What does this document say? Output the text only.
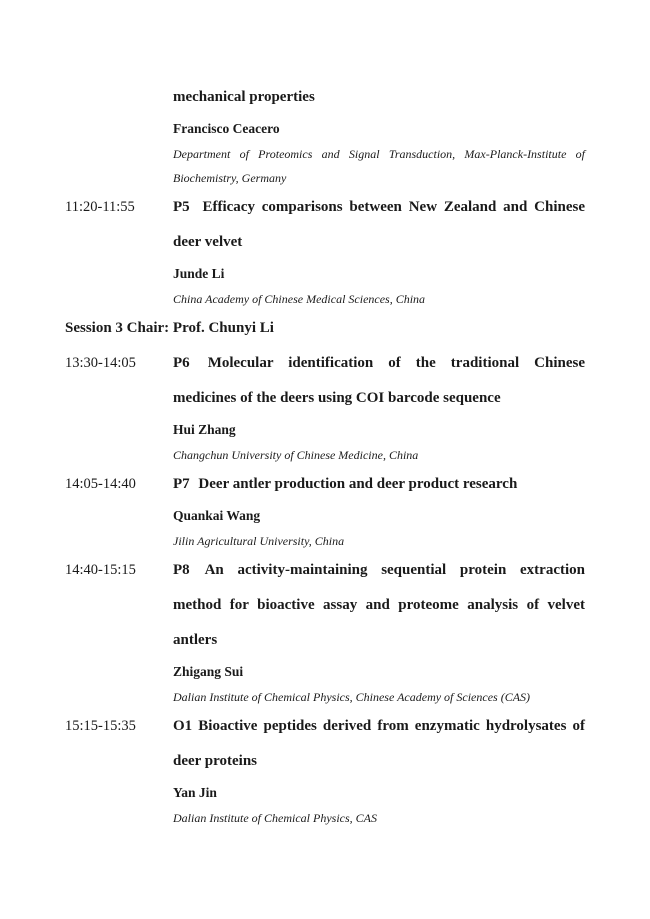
mechanical properties
Francisco Ceacero
Department of Proteomics and Signal Transduction, Max-Planck-Institute of
Biochemistry, Germany
11:20-11:55	P5 Efficacy comparisons between New Zealand and Chinese
deer velvet
Junde Li
China Academy of Chinese Medical Sciences, China
Session 3 Chair: Prof. Chunyi Li
13:30-14:05	P6 Molecular identification of the traditional Chinese
medicines of the deers using COI barcode sequence
Hui Zhang
Changchun University of Chinese Medicine, China
14:05-14:40	P7 Deer antler production and deer product research
Quankai Wang
Jilin Agricultural University, China
14:40-15:15	P8 An activity-maintaining sequential protein extraction
method for bioactive assay and proteome analysis of velvet
antlers
Zhigang Sui
Dalian Institute of Chemical Physics, Chinese Academy of Sciences (CAS)
15:15-15:35	O1 Bioactive peptides derived from enzymatic hydrolysates of
deer proteins
Yan Jin
Dalian Institute of Chemical Physics, CAS
